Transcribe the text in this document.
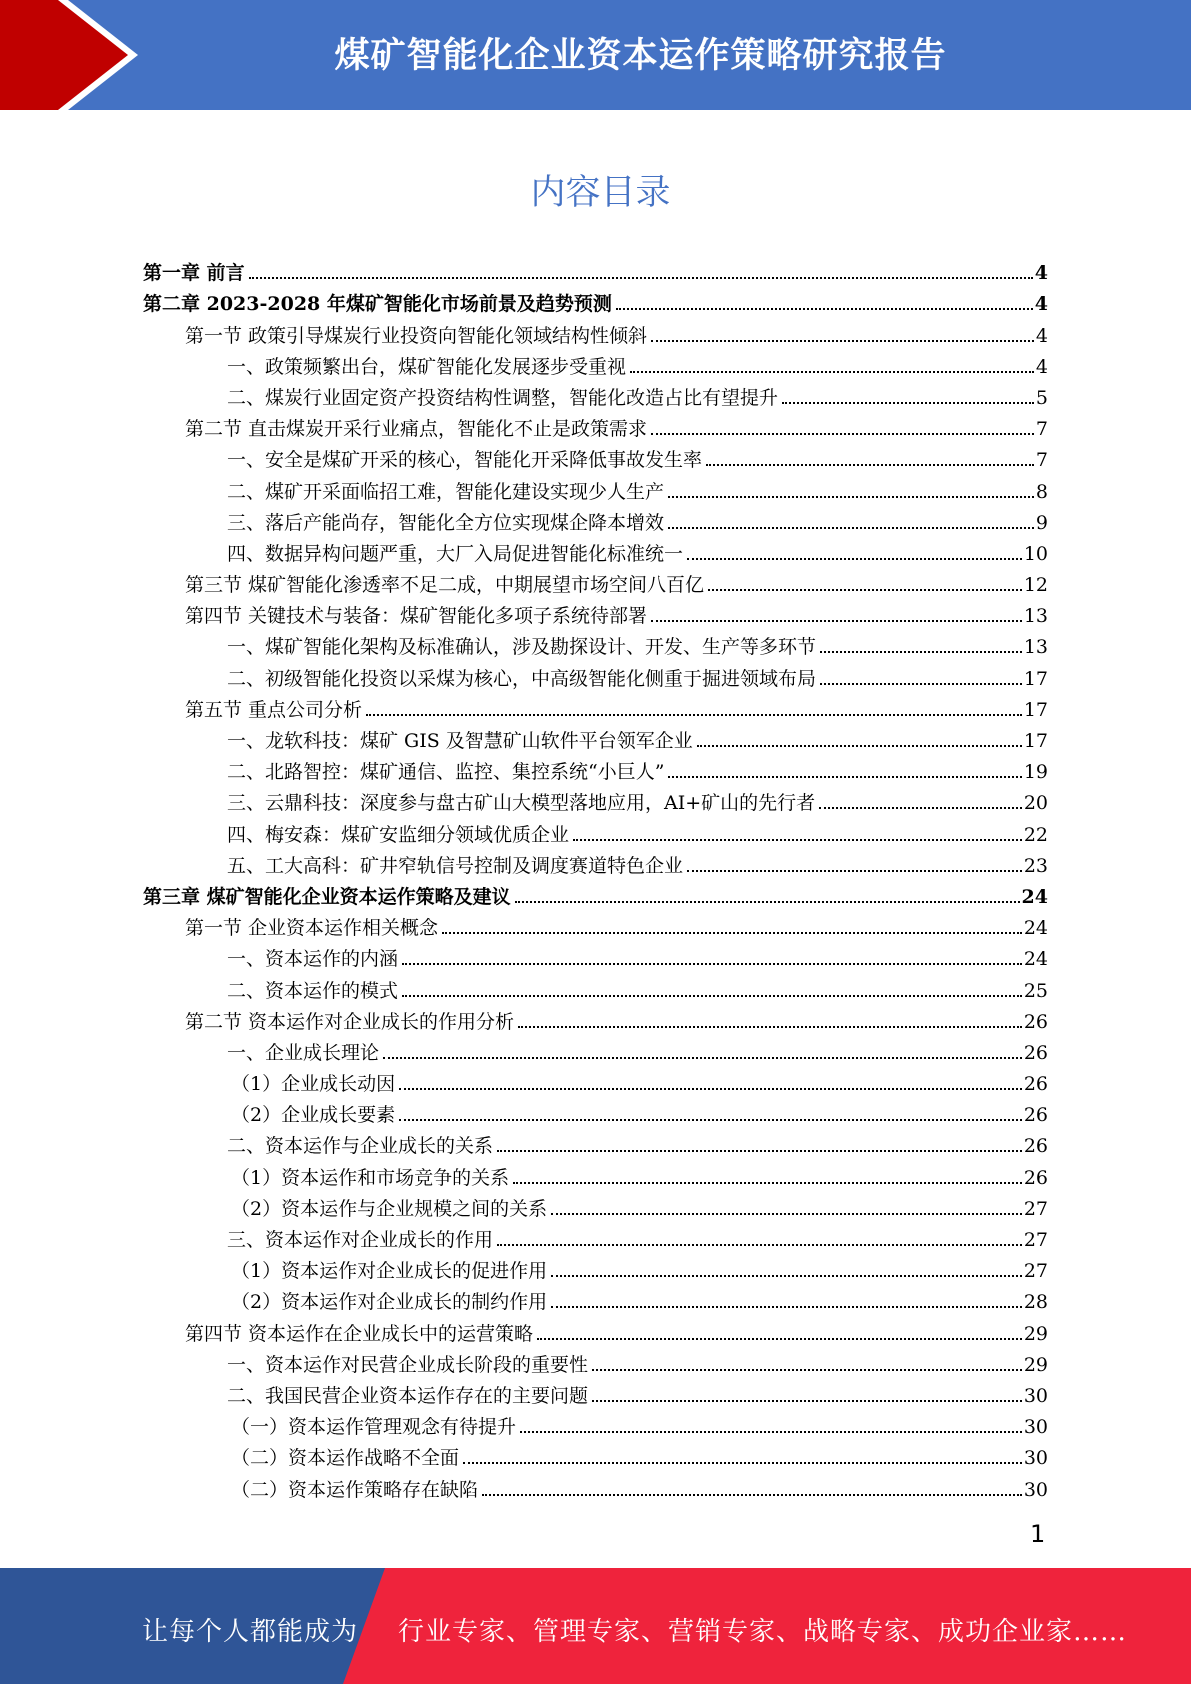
煤矿智能化企业资本运作策略研究报告
内容目录
第一章 前言	4
第二章 2023-2028 年煤矿智能化市场前景及趋势预测	4
第一节 政策引导煤炭行业投资向智能化领域结构性倾斜	4
一、政策频繁出台，煤矿智能化发展逐步受重视	4
二、煤炭行业固定资产投资结构性调整，智能化改造占比有望提升	5
第二节 直击煤炭开采行业痛点，智能化不止是政策需求	7
一、安全是煤矿开采的核心，智能化开采降低事故发生率	7
二、煤矿开采面临招工难，智能化建设实现少人生产	8
三、落后产能尚存，智能化全方位实现煤企降本增效	9
四、数据异构问题严重，大厂入局促进智能化标准统一	10
第三节 煤矿智能化渗透率不足二成，中期展望市场空间八百亿	12
第四节 关键技术与装备：煤矿智能化多项子系统待部署	13
一、煤矿智能化架构及标准确认，涉及勘探设计、开发、生产等多环节	13
二、初级智能化投资以采煤为核心，中高级智能化侧重于掘进领域布局	17
第五节 重点公司分析	17
一、龙软科技：煤矿 GIS 及智慧矿山软件平台领军企业	17
二、北路智控：煤矿通信、监控、集控系统“小巨人”	19
三、云鼎科技：深度参与盘古矿山大模型落地应用，AI+矿山的先行者	20
四、梅安森：煤矿安监细分领域优质企业	22
五、工大高科：矿井窄轨信号控制及调度赛道特色企业	23
第三章 煤矿智能化企业资本运作策略及建议	24
第一节 企业资本运作相关概念	24
一、资本运作的内涵	24
二、资本运作的模式	25
第二节 资本运作对企业成长的作用分析	26
一、企业成长理论	26
（1）企业成长动因	26
（2）企业成长要素	26
二、资本运作与企业成长的关系	26
（1）资本运作和市场竞争的关系	26
（2）资本运作与企业规模之间的关系	27
三、资本运作对企业成长的作用	27
（1）资本运作对企业成长的促进作用	27
（2）资本运作对企业成长的制约作用	28
第四节 资本运作在企业成长中的运营策略	29
一、资本运作对民营企业成长阶段的重要性	29
二、我国民营企业资本运作存在的主要问题	30
（一）资本运作管理观念有待提升	30
（二）资本运作战略不全面	30
（二）资本运作策略存在缺陷	30
1
让每个人都能成为 行业专家、管理专家、营销专家、战略专家、成功企业家……
